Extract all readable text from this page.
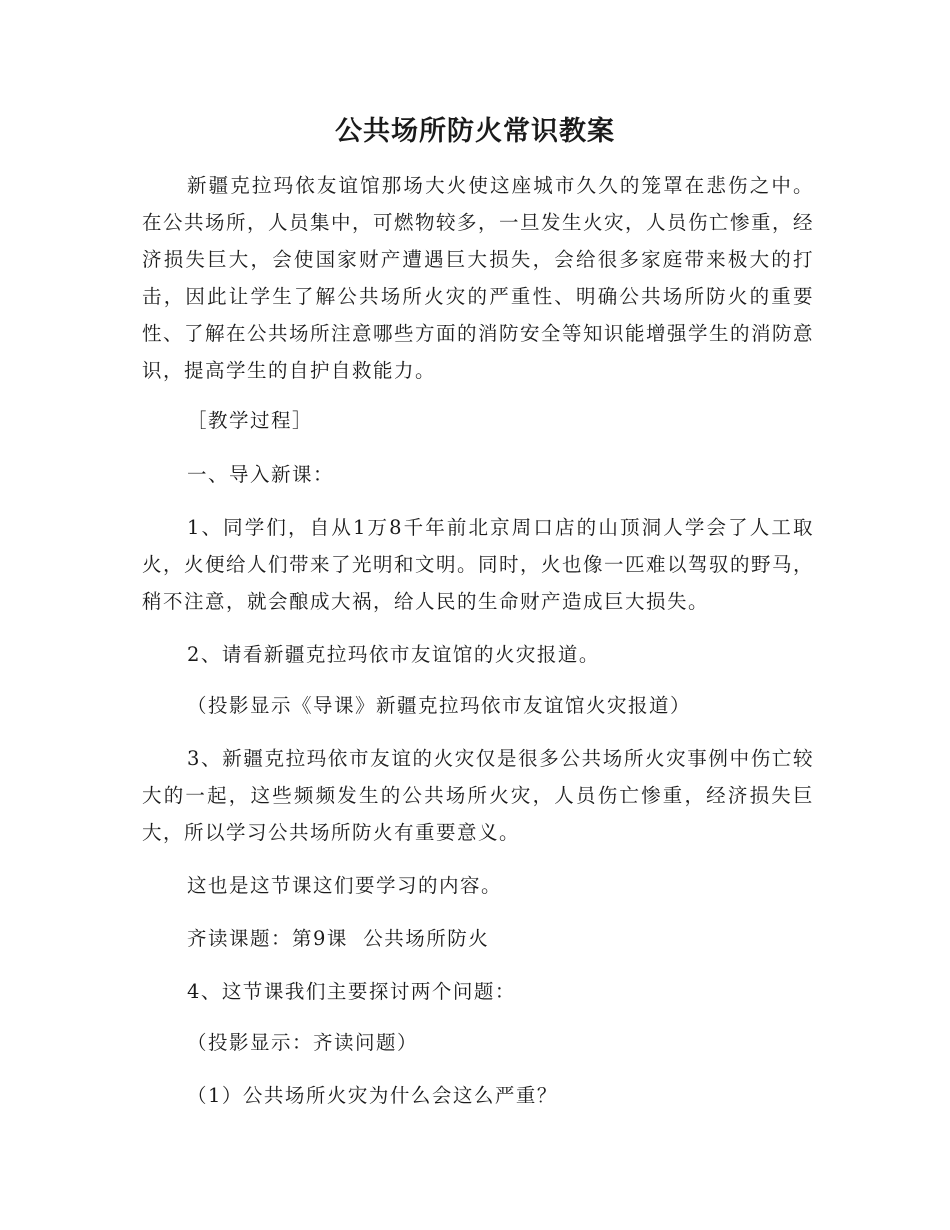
公共场所防火常识教案

新疆克拉玛依友谊馆那场大火使这座城市久久的笼罩在悲伤之中。在公共场所，人员集中，可燃物较多，一旦发生火灾，人员伤亡惨重，经济损失巨大，会使国家财产遭遇巨大损失，会给很多家庭带来极大的打击，因此让学生了解公共场所火灾的严重性、明确公共场所防火的重要性、了解在公共场所注意哪些方面的消防安全等知识能增强学生的消防意识，提高学生的自护自救能力。

［教学过程］

一、导入新课：

1、同学们，自从1万8千年前北京周口店的山顶洞人学会了人工取火，火便给人们带来了光明和文明。同时，火也像一匹难以驾驭的野马，稍不注意，就会酿成大祸，给人民的生命财产造成巨大损失。

2、请看新疆克拉玛依市友谊馆的火灾报道。

（投影显示《导课》新疆克拉玛依市友谊馆火灾报道）

3、新疆克拉玛依市友谊的火灾仅是很多公共场所火灾事例中伤亡较大的一起，这些频频发生的公共场所火灾，人员伤亡惨重，经济损失巨大，所以学习公共场所防火有重要意义。

这也是这节课这们要学习的内容。

齐读课题：第9课  公共场所防火

4、这节课我们主要探讨两个问题：

（投影显示：齐读问题）

（1）公共场所火灾为什么会这么严重？
